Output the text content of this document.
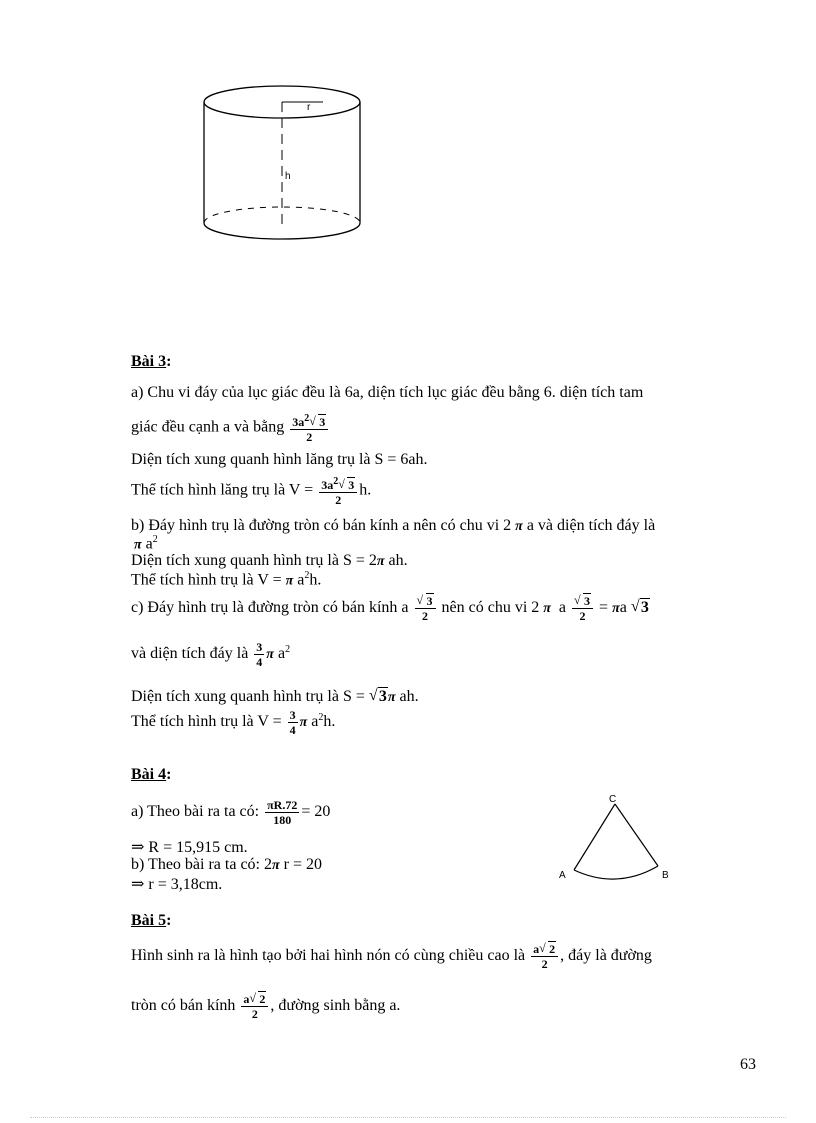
r
h
Bài 3:
a) Chu vi đáy của lục giác đều là 6a, diện tích lục giác đều bằng 6. diện tích tam
giác đều cạnh a và bằng $\frac{3a^2 √ 3}{2}$
Diện tích xung quanh hình lăng trụ là S = 6ah.
Thể tích hình lăng trụ là $V = \frac{3a^2 √ 3}{2} h$.
b) Đáy hình trụ là đường tròn có bán kính a nên có chu vi 2 π a và diện tích đáy là
π $a^2$
Diện tích xung quanh hình trụ là S = 2π ah.
Thể tích hình trụ là V = π $a^2h$.
c) Đáy hình trụ là đường tròn có bán kính a √ $\frac{3}{2}$ nên có chu vi 2 π a √ $\frac{3}{2} = \pi a$ √ 3
và diện tích đáy là $\frac{3}{4}$ π $a^2$
Diện tích xung quanh hình trụ là S = √ 3π ah.
Thể tích hình trụ là $V = \frac{3}{4}$ π $a^2h$.
Bài 4:
a) Theo bài ra ta có: $\frac{\pi R.72}{180} = 20$
⇒ R = 15,915 cm.
b) Theo bài ra ta có: 2π r = 20
⇒ r = 3,18cm.
C
A	B
Bài 5:
Hình sinh ra là hình tạo bởi hai hình nón có cùng chiều cao là $\frac{a √ 2}{2}$ , đáy là đường
tròn có bán kính $\frac{a √ 2}{2}$ , đường sinh bằng a.
63
